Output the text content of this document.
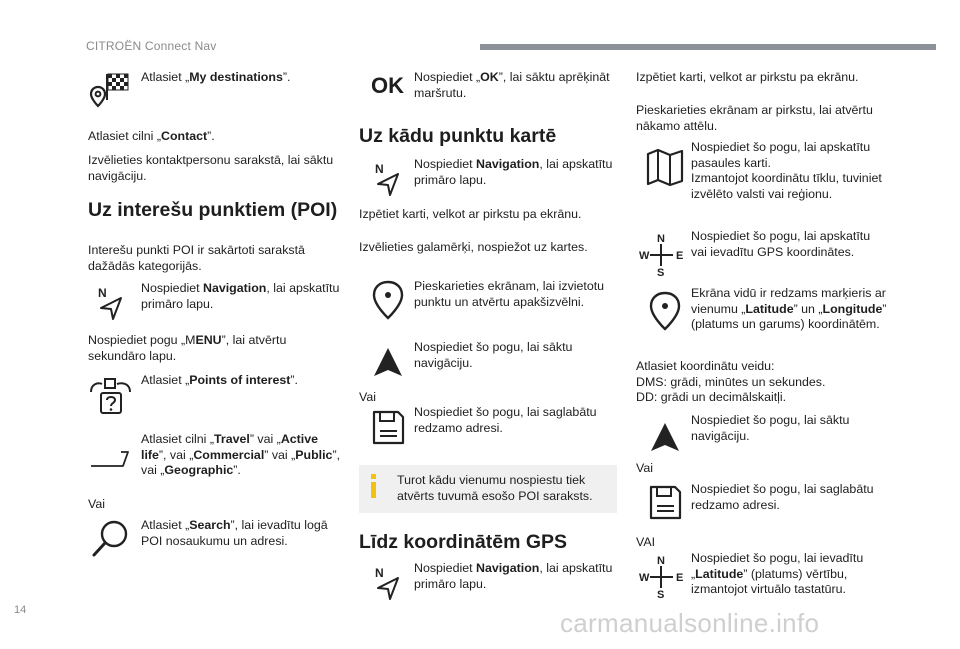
CITROËN Connect Nav
Atlasiet „My destinations”.
Atlasiet cilni „Contact”.
Izvēlieties kontaktpersonu sarakstā, lai sāktu navigāciju.
Uz interešu punktiem (POI)
Interešu punkti POI ir sakārtoti sarakstā dažādās kategorijās.
N	Nospiediet Navigation, lai apskatītu primāro lapu.
Nospiediet pogu „MENU”, lai atvērtu sekundāro lapu.
Atlasiet „Points of interest”.
Atlasiet cilni „Travel” vai „Active life”, vai „Commercial” vai „Public”, vai „Geographic”.
Vai
Atlasiet „Search”, lai ievadītu logā POI nosaukumu un adresi.
OK Nospiediet „OK”, lai sāktu aprēķināt maršrutu.
Uz kādu punktu kartē
N Nospiediet Navigation, lai apskatītu primāro lapu.
Izpētiet karti, velkot ar pirkstu pa ekrānu.
Izvēlieties galamērķi, nospiežot uz kartes.
Pieskarieties ekrānam, lai izvietotu punktu un atvērtu apakšizvēlni.
Nospiediet šo pogu, lai sāktu navigāciju.
Vai
Nospiediet šo pogu, lai saglabātu redzamo adresi.
Turot kādu vienumu nospiestu tiek atvērts tuvumā esošo POI saraksts.
Līdz koordinātēm GPS
N Nospiediet Navigation, lai apskatītu primāro lapu.
Izpētiet karti, velkot ar pirkstu pa ekrānu.
Pieskarieties ekrānam ar pirkstu, lai atvērtu nākamo attēlu.
Nospiediet šo pogu, lai apskatītu pasaules karti.
Izmantojot koordinātu tīklu, tuviniet izvēlēto valsti vai reģionu.
N
S
W E
Nospiediet šo pogu, lai apskatītu vai ievadītu GPS koordinātes.
Ekrāna vidū ir redzams marķieris ar vienumu „Latitude” un „Longitude” (platums un garums) koordinātēm.
Atlasiet koordinātu veidu:
DMS: grādi, minūtes un sekundes.
DD: grādi un decimālskaitļi.
Nospiediet šo pogu, lai sāktu navigāciju.
Vai
Nospiediet šo pogu, lai saglabātu redzamo adresi.
VAI
N
S
W E
Nospiediet šo pogu, lai ievadītu „Latitude” (platums) vērtību, izmantojot virtuālo tastatūru.
14	carmanualsonline.info
